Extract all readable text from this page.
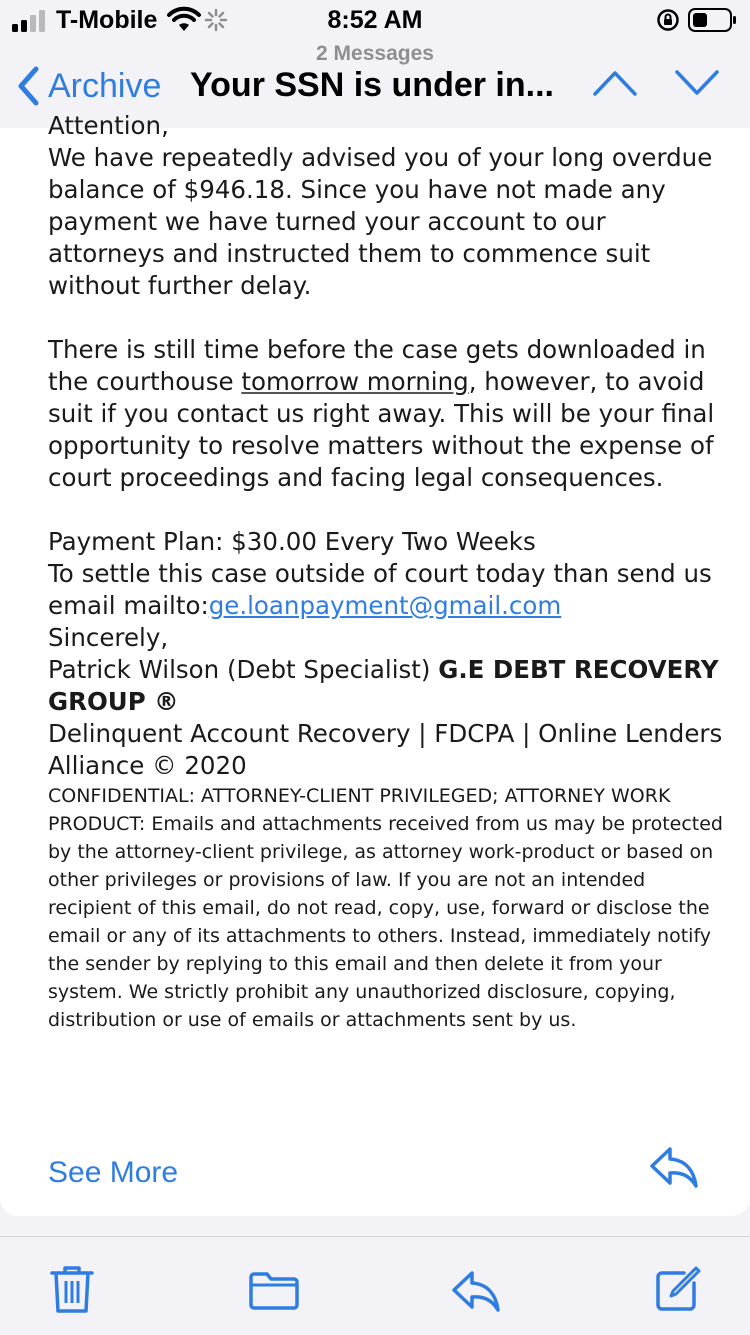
T-Mobile	8:52 AM
2 Messages
Archive Your SSN is under in...

Attention,

We have repeatedly advised you of your long overdue balance of $946.18. Since you have not made any payment we have turned your account to our attorneys and instructed them to commence suit without further delay.

There is still time before the case gets downloaded in the courthouse tomorrow morning, however, to avoid suit if you contact us right away. This will be your final opportunity to resolve matters without the expense of court proceedings and facing legal consequences.

Payment Plan: $30.00 Every Two Weeks

To settle this case outside of court today than send us email mailto:ge.loanpayment@gmail.com

Sincerely,

Patrick Wilson (Debt Specialist) G.E DEBT RECOVERY GROUP ®

Delinquent Account Recovery | FDCPA | Online Lenders Alliance © 2020

CONFIDENTIAL: ATTORNEY-CLIENT PRIVILEGED; ATTORNEY WORK PRODUCT: Emails and attachments received from us may be protected by the attorney-client privilege, as attorney work-product or based on other privileges or provisions of law. If you are not an intended recipient of this email, do not read, copy, use, forward or disclose the email or any of its attachments to others. Instead, immediately notify the sender by replying to this email and then delete it from your system. We strictly prohibit any unauthorized disclosure, copying, distribution or use of emails or attachments sent by us.

See More
